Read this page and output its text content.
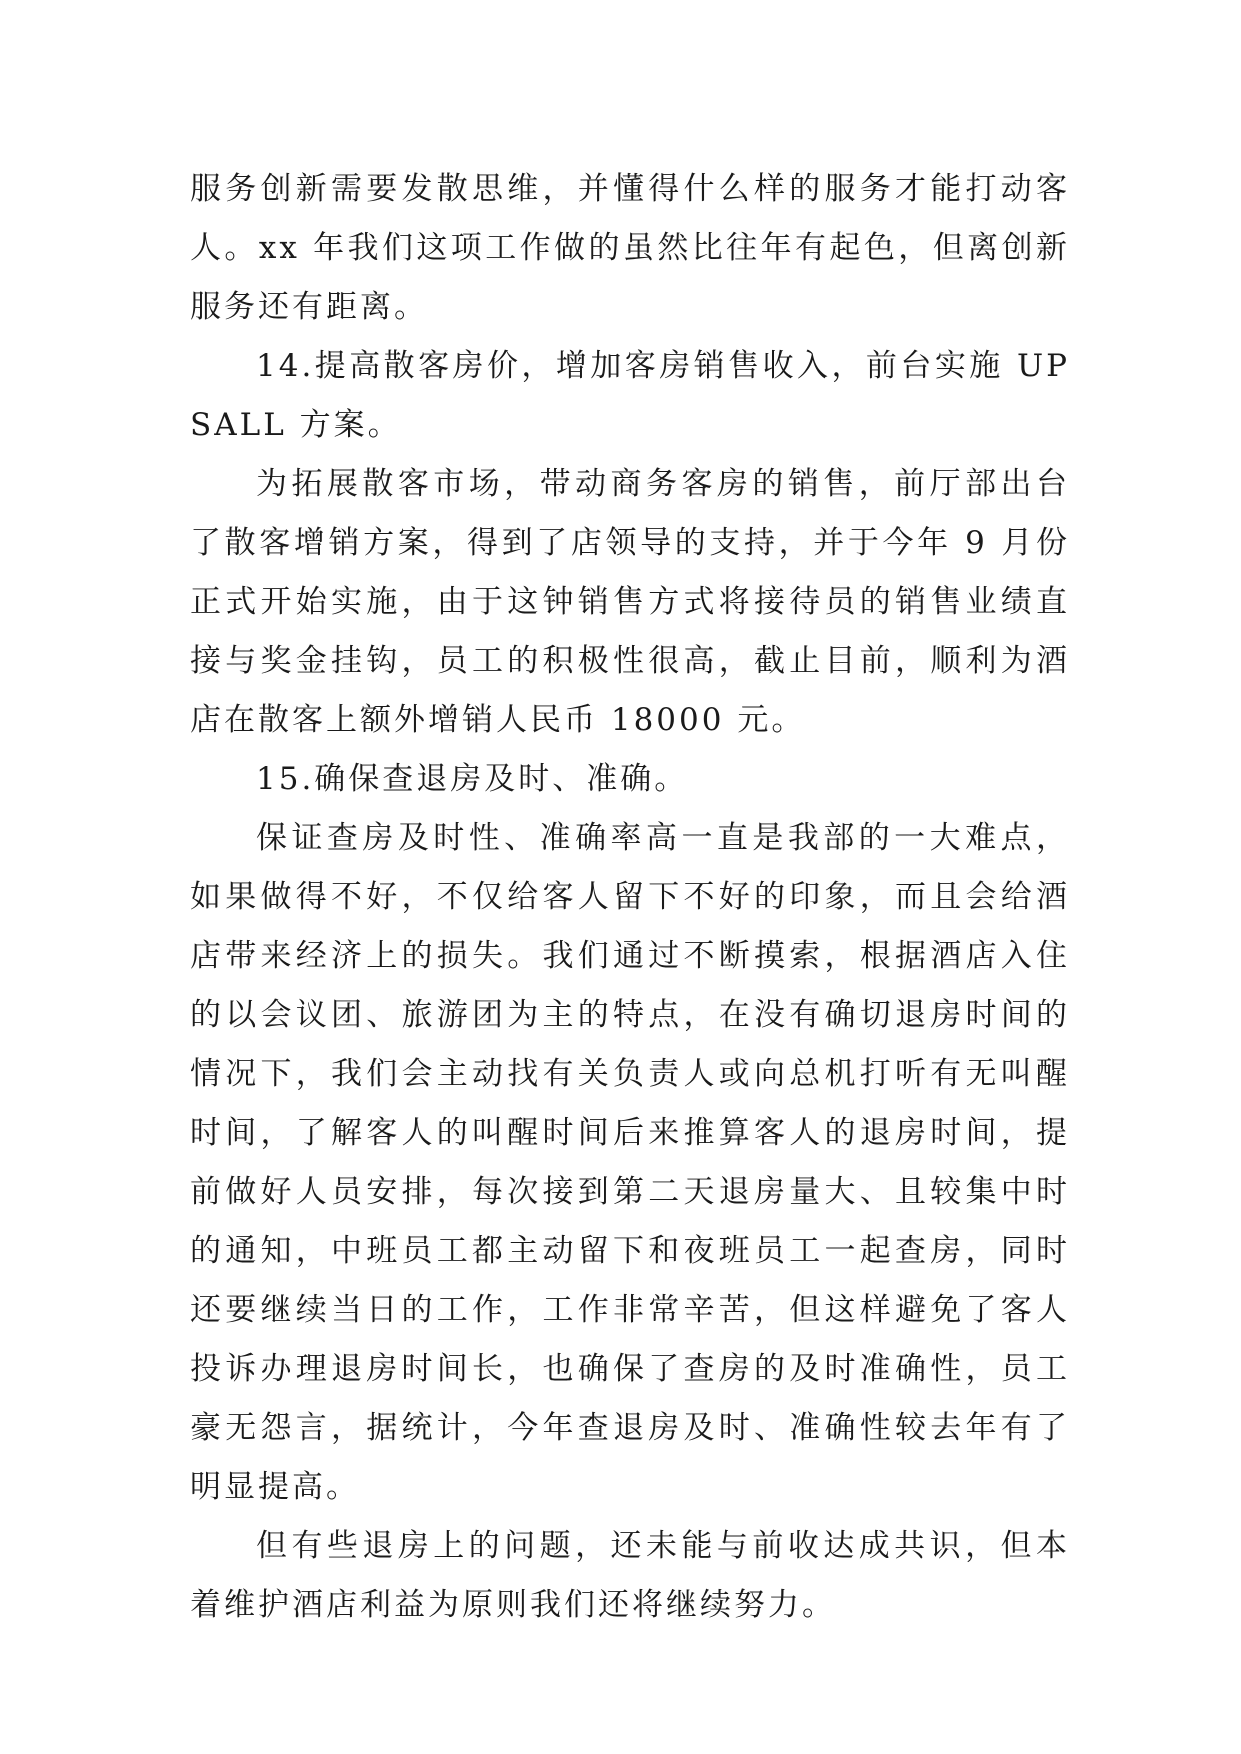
服务创新需要发散思维，并懂得什么样的服务才能打动客人。xx 年我们这项工作做的虽然比往年有起色，但离创新服务还有距离。

14.提高散客房价，增加客房销售收入，前台实施 UP SALL 方案。

为拓展散客市场，带动商务客房的销售，前厅部出台了散客增销方案，得到了店领导的支持，并于今年 9 月份正式开始实施，由于这钟销售方式将接待员的销售业绩直接与奖金挂钩，员工的积极性很高，截止目前，顺利为酒店在散客上额外增销人民币 18000 元。

15.确保查退房及时、准确。

保证查房及时性、准确率高一直是我部的一大难点，如果做得不好，不仅给客人留下不好的印象，而且会给酒店带来经济上的损失。我们通过不断摸索，根据酒店入住的以会议团、旅游团为主的特点，在没有确切退房时间的情况下，我们会主动找有关负责人或向总机打听有无叫醒时间，了解客人的叫醒时间后来推算客人的退房时间，提前做好人员安排，每次接到第二天退房量大、且较集中时的通知，中班员工都主动留下和夜班员工一起查房，同时还要继续当日的工作，工作非常辛苦，但这样避免了客人投诉办理退房时间长，也确保了查房的及时准确性，员工豪无怨言，据统计，今年查退房及时、准确性较去年有了明显提高。

但有些退房上的问题，还未能与前收达成共识，但本着维护酒店利益为原则我们还将继续努力。
